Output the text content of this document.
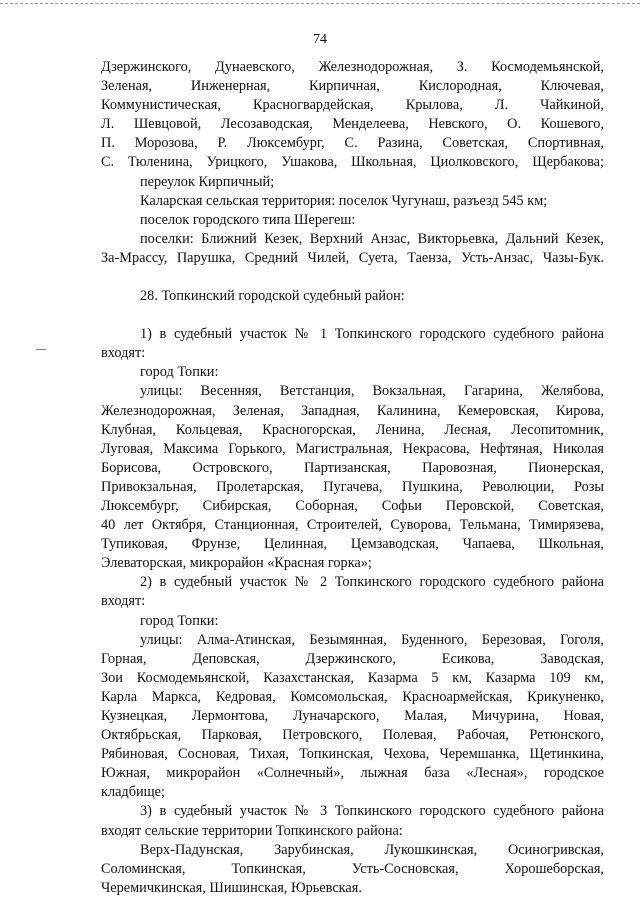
74

Дзержинского, Дунаевского, Железнодорожная, З. Космодемьянской,

Зеленая, Инженерная, Кирпичная, Кислородная, Ключевая,

Коммунистическая, Красногвардейская, Крылова, Л. Чайкиной,

Л. Шевцовой, Лесозаводская, Менделеева, Невского, О. Кошевого,

П. Морозова, Р. Люксембург, С. Разина, Советская, Спортивная,

С. Тюленина, Урицкого, Ушакова, Школьная, Циолковского, Щербакова;

переулок Кирпичный;

Каларская сельская территория: поселок Чугунаш, разъезд 545 км;

поселок городского типа Шерегеш:

поселки: Ближний Кезек, Верхний Анзас, Викторьевка, Дальний Кезек,

За-Мрассу, Парушка, Средний Чилей, Суета, Таенза, Усть-Анзас, Чазы-Бук.

28. Топкинский городской судебный район:

1) в судебный участок № 1 Топкинского городского судебного района

входят:

город Топки:

улицы: Весенняя, Ветстанция, Вокзальная, Гагарина, Желябова,

Железнодорожная, Зеленая, Западная, Калинина, Кемеровская, Кирова,

Клубная, Кольцевая, Красногорская, Ленина, Лесная, Лесопитомник,

Луговая, Максима Горького, Магистральная, Некрасова, Нефтяная, Николая

Борисова, Островского, Партизанская, Паровозная, Пионерская,

Привокзальная, Пролетарская, Пугачева, Пушкина, Революции, Розы

Люксембург, Сибирская, Соборная, Софьи Перовской, Советская,

40 лет Октября, Станционная, Строителей, Суворова, Тельмана, Тимирязева,

Тупиковая, Фрунзе, Целинная, Цемзаводская, Чапаева, Школьная,

Элеваторская, микрорайон «Красная горка»;

2) в судебный участок № 2 Топкинского городского судебного района

входят:

город Топки:

улицы: Алма-Атинская, Безымянная, Буденного, Березовая, Гоголя,

Горная, Деповская, Дзержинского, Есикова, Заводская,

Зои Космодемьянской, Казахстанская, Казарма 5 км, Казарма 109 км,

Карла Маркса, Кедровая, Комсомольская, Красноармейская, Крикуненко,

Кузнецкая, Лермонтова, Луначарского, Малая, Мичурина, Новая,

Октябрьская, Парковая, Петровского, Полевая, Рабочая, Ретюнского,

Рябиновая, Сосновая, Тихая, Топкинская, Чехова, Черемшанка, Щетинкина,

Южная, микрорайон «Солнечный», лыжная база «Лесная», городское

кладбище;

3) в судебный участок № 3 Топкинского городского судебного района

входят сельские территории Топкинского района:

Верх-Падунская, Зарубинская, Лукошкинская, Осиногривская,

Соломинская, Топкинская, Усть-Сосновская, Хорошеборская,

Черемичкинская, Шишинская, Юрьевская.
